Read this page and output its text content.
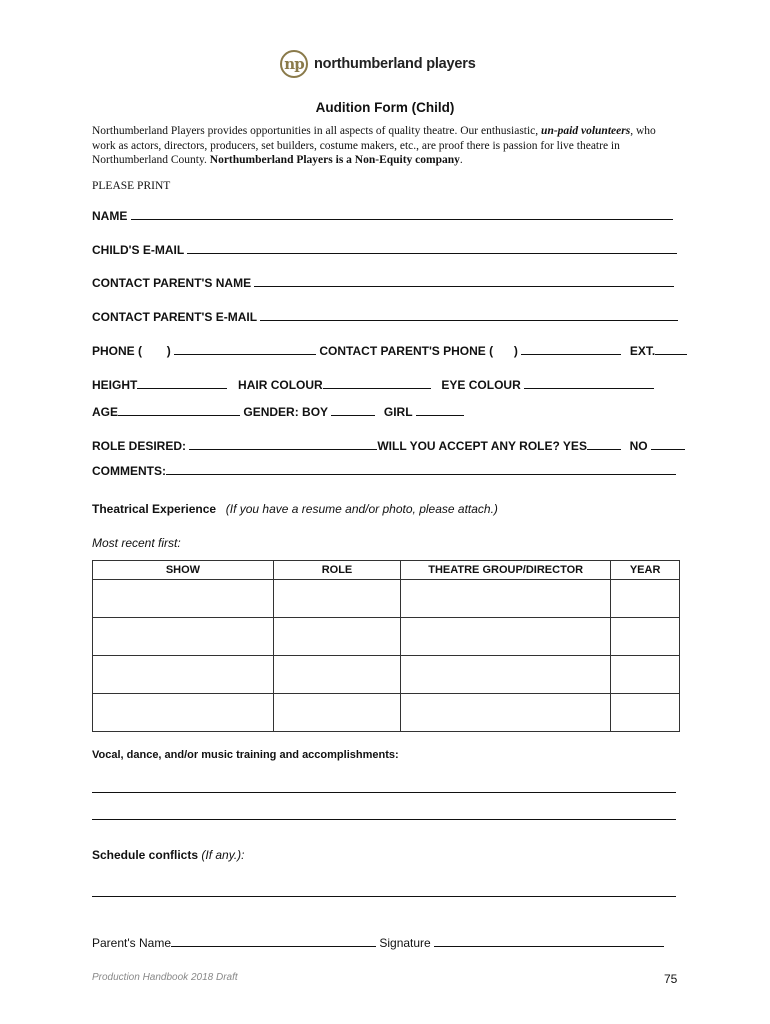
np northumberland players
Audition Form (Child)
Northumberland Players provides opportunities in all aspects of quality theatre. Our enthusiastic, un-paid volunteers, who work as actors, directors, producers, set builders, costume makers, etc., are proof there is passion for live theatre in Northumberland County. Northumberland Players is a Non-Equity company.
PLEASE PRINT
NAME
CHILD'S E-MAIL
CONTACT PARENT'S NAME
CONTACT PARENT'S E-MAIL
PHONE ( )	CONTACT PARENT'S PHONE ( )	EXT.
HEIGHT	HAIR COLOUR	EYE COLOUR
AGE	GENDER: BOY	GIRL
ROLE DESIRED:	WILL YOU ACCEPT ANY ROLE? YES	NO
COMMENTS:
Theatrical Experience (If you have a resume and/or photo, please attach.)
Most recent first:
SHOW	ROLE	THEATRE GROUP/DIRECTOR	YEAR

Vocal, dance, and/or music training and accomplishments:
Schedule conflicts (If any.):
Parent's Name	Signature
Production Handbook 2018 Draft	75
